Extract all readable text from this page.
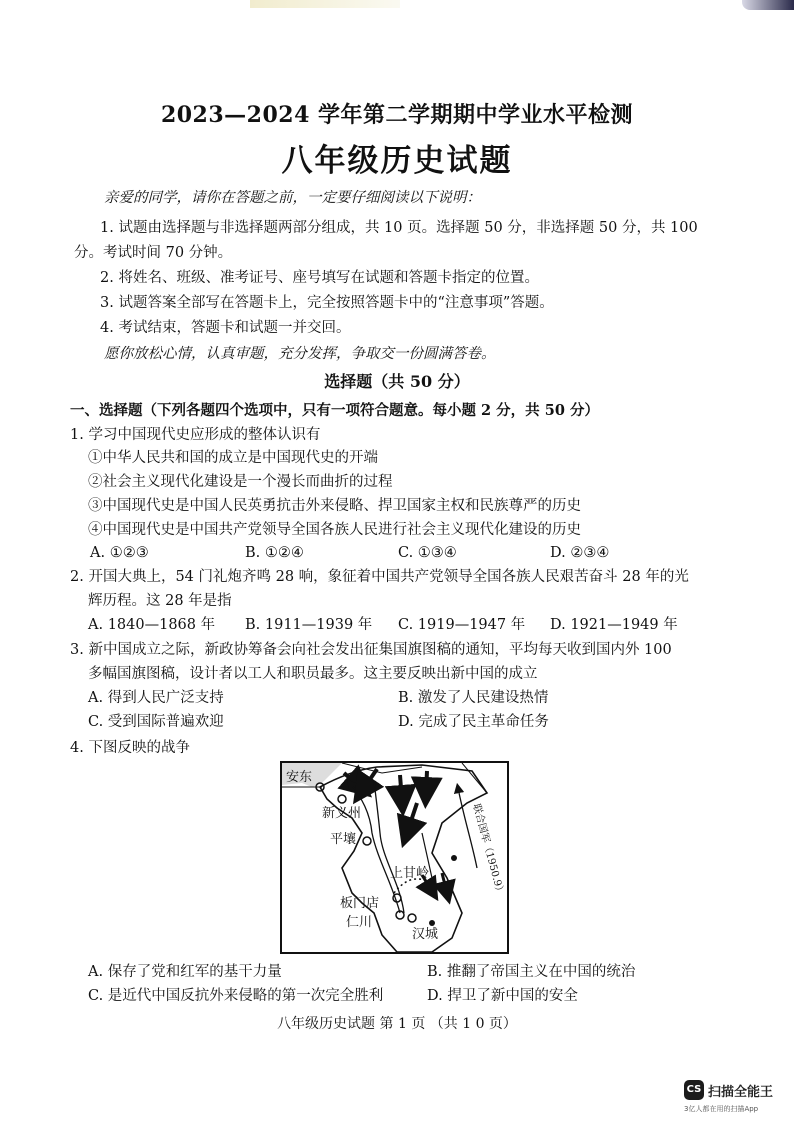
2023—2024 学年第二学期期中学业水平检测
八年级历史试题
亲爱的同学，请你在答题之前，一定要仔细阅读以下说明：
1. 试题由选择题与非选择题两部分组成，共 10 页。选择题 50 分，非选择题 50 分，共 100
分。考试时间 70 分钟。
2. 将姓名、班级、准考证号、座号填写在试题和答题卡指定的位置。
3. 试题答案全部写在答题卡上，完全按照答题卡中的“注意事项”答题。
4. 考试结束，答题卡和试题一并交回。
愿你放松心情，认真审题，充分发挥，争取交一份圆满答卷。
选择题（共 50 分）
一、选择题（下列各题四个选项中，只有一项符合题意。每小题 2 分，共 50 分）
1. 学习中国现代史应形成的整体认识有
①中华人民共和国的成立是中国现代史的开端
②社会主义现代化建设是一个漫长而曲折的过程
③中国现代史是中国人民英勇抗击外来侵略、捍卫国家主权和民族尊严的历史
④中国现代史是中国共产党领导全国各族人民进行社会主义现代化建设的历史
A. ①②③	B. ①②④	C. ①③④	D. ②③④
2. 开国大典上，54 门礼炮齐鸣 28 响，象征着中国共产党领导全国各族人民艰苦奋斗 28 年的光
辉历程。这 28 年是指
A. 1840—1868 年 B. 1911—1939 年 C. 1919—1947 年 D. 1921—1949 年
3. 新中国成立之际，新政协筹备会向社会发出征集国旗图稿的通知，平均每天收到国内外 100
多幅国旗图稿，设计者以工人和职员最多。这主要反映出新中国的成立
A. 得到人民广泛支持	B. 激发了人民建设热情
C. 受到国际普遍欢迎	D. 完成了民主革命任务
4. 下图反映的战争
安东
新义州
平壤
上甘岭
板门店
仁川
汉城
联合国军（1950.9）
A. 保存了党和红军的基干力量	B. 推翻了帝国主义在中国的统治
C. 是近代中国反抗外来侵略的第一次完全胜利	D. 捍卫了新中国的安全
八年级历史试题 第 1 页 （共 1 0 页）
CS 扫描全能王
3亿人都在用的扫描App
